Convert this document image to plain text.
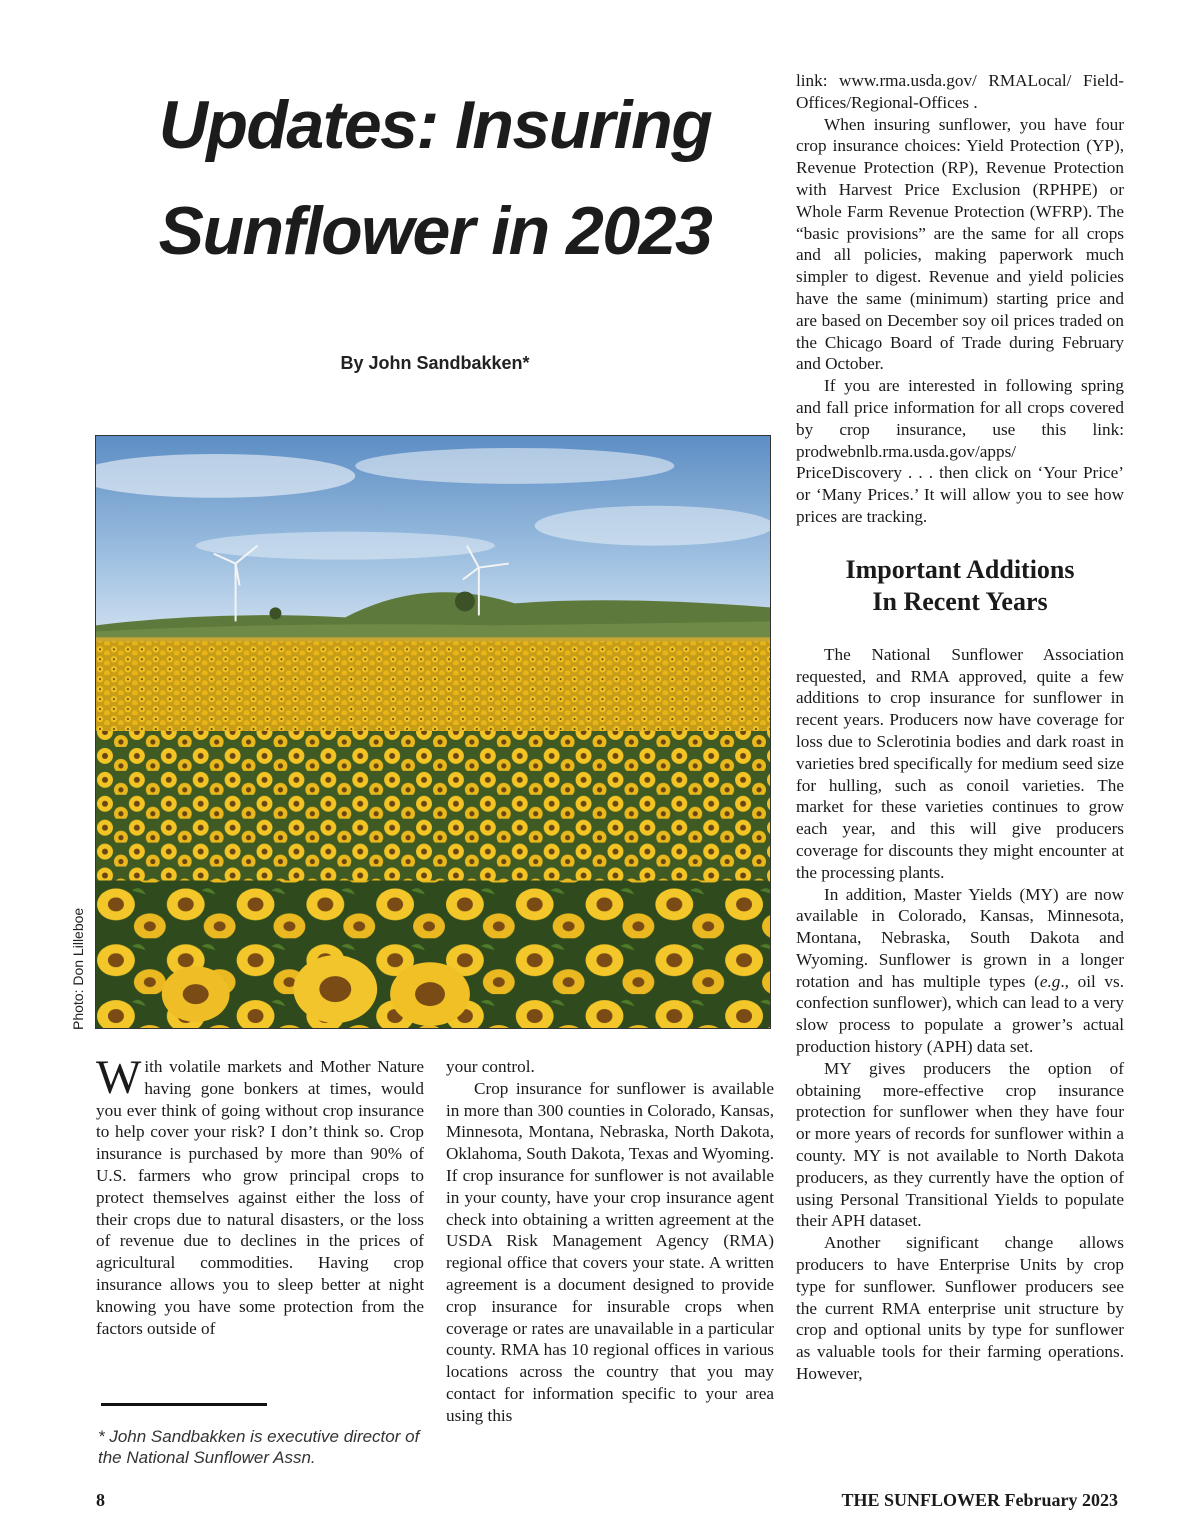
Updates: Insuring
Sunflower in 2023
By John Sandbakken*
Photo: Don Lilleboe

With volatile markets and Mother Nature having gone bonkers at times, would you ever think of going without crop insurance to help cover your risk? I don’t think so. Crop insurance is purchased by more than 90% of U.S. farmers who grow principal crops to protect themselves against either the loss of their crops due to natural disasters, or the loss of revenue due to declines in the prices of agricultural commodities. Having crop insurance allows you to sleep better at night knowing you have some protection from the factors outside of

your control.

Crop insurance for sunflower is available in more than 300 counties in Colorado, Kansas, Minnesota, Montana, Nebraska, North Dakota, Oklahoma, South Dakota, Texas and Wyoming. If crop insurance for sunflower is not available in your county, have your crop insurance agent check into obtaining a written agreement at the USDA Risk Management Agency (RMA) regional office that covers your state. A written agreement is a document designed to provide crop insurance for insurable crops when coverage or rates are unavailable in a particular county. RMA has 10 regional offices in various locations across the country that you may contact for information specific to your area using this

link: www.rma.usda.gov/ RMALocal/ Field-Offices/Regional-Offices .

When insuring sunflower, you have four crop insurance choices: Yield Protection (YP), Revenue Protection (RP), Revenue Protection with Harvest Price Exclusion (RPHPE) or Whole Farm Revenue Protection (WFRP). The “basic provisions” are the same for all crops and all policies, making paperwork much simpler to digest. Revenue and yield policies have the same (minimum) starting price and are based on December soy oil prices traded on the Chicago Board of Trade during February and October.

If you are interested in following spring and fall price information for all crops covered by crop insurance, use this link: prodwebnlb.rma.usda.gov/apps/ PriceDiscovery . . . then click on ‘Your Price’ or ‘Many Prices.’ It will allow you to see how prices are tracking.

Important Additions
In Recent Years

The National Sunflower Association requested, and RMA approved, quite a few additions to crop insurance for sunflower in recent years. Producers now have coverage for loss due to Sclerotinia bodies and dark roast in varieties bred specifically for medium seed size for hulling, such as conoil varieties. The market for these varieties continues to grow each year, and this will give producers coverage for discounts they might encounter at the processing plants.

In addition, Master Yields (MY) are now available in Colorado, Kansas, Minnesota, Montana, Nebraska, South Dakota and Wyoming. Sunflower is grown in a longer rotation and has multiple types (e.g., oil vs. confection sunflower), which can lead to a very slow process to populate a grower’s actual production history (APH) data set.

MY gives producers the option of obtaining more-effective crop insurance protection for sunflower when they have four or more years of records for sunflower within a county. MY is not available to North Dakota producers, as they currently have the option of using Personal Transitional Yields to populate their APH dataset.

Another significant change allows producers to have Enterprise Units by crop type for sunflower. Sunflower producers see the current RMA enterprise unit structure by crop and optional units by type for sunflower as valuable tools for their farming operations. However,

* John Sandbakken is executive director of the National Sunflower Assn.
8	THE SUNFLOWER February 2023
